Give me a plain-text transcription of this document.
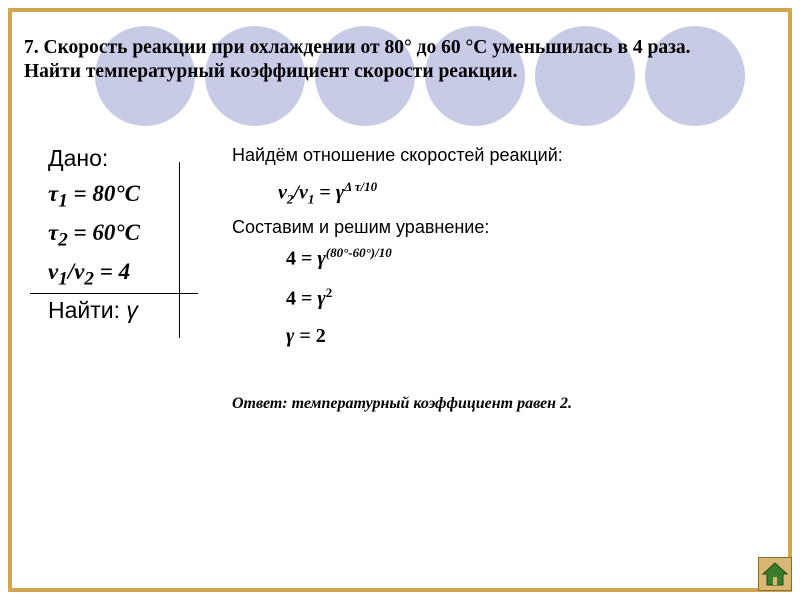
7. Скорость реакции при охлаждении от 80° до 60 °С уменьшилась в 4 раза.
Найти температурный коэффициент скорости реакции.
Дано:
$\tau_1 = 80^\circ С$
$\tau_2 = 60^\circ С$
$v_1/v_2 = 4$
Найти: γ
Найдём отношение скоростей реакций:
$v_2/v_1 = \gamma^{\Delta \tau/10}$
Составим и решим уравнение:
$4 = \gamma^{(80^\circ-60^\circ)/10}$
$4 = \gamma^2$
γ = 2
Ответ: температурный коэффициент равен 2.
